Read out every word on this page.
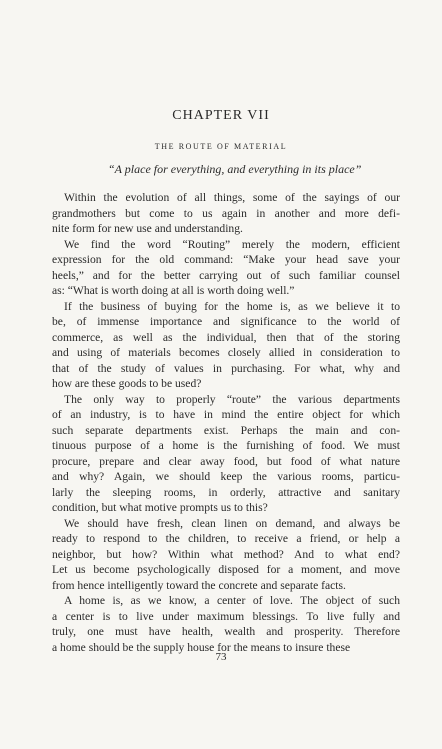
CHAPTER VII
THE ROUTE OF MATERIAL
“A place for everything, and everything in its place”
Within the evolution of all things, some of the sayings of our
grandmothers but come to us again in another and more defi-
nite form for new use and understanding.
We find the word “Routing” merely the modern, efficient
expression for the old command: “Make your head save your
heels,” and for the better carrying out of such familiar counsel
as: “What is worth doing at all is worth doing well.”
If the business of buying for the home is, as we believe it to
be, of immense importance and significance to the world of
commerce, as well as the individual, then that of the storing
and using of materials becomes closely allied in consideration to
that of the study of values in purchasing. For what, why and
how are these goods to be used?
The only way to properly “route” the various departments
of an industry, is to have in mind the entire object for which
such separate departments exist. Perhaps the main and con-
tinuous purpose of a home is the furnishing of food. We must
procure, prepare and clear away food, but food of what nature
and why? Again, we should keep the various rooms, particu-
larly the sleeping rooms, in orderly, attractive and sanitary
condition, but what motive prompts us to this?
We should have fresh, clean linen on demand, and always be
ready to respond to the children, to receive a friend, or help a
neighbor, but how? Within what method? And to what end?
Let us become psychologically disposed for a moment, and move
from hence intelligently toward the concrete and separate facts.
A home is, as we know, a center of love. The object of such
a center is to live under maximum blessings. To live fully and
truly, one must have health, wealth and prosperity. Therefore
a home should be the supply house for the means to insure these
73
